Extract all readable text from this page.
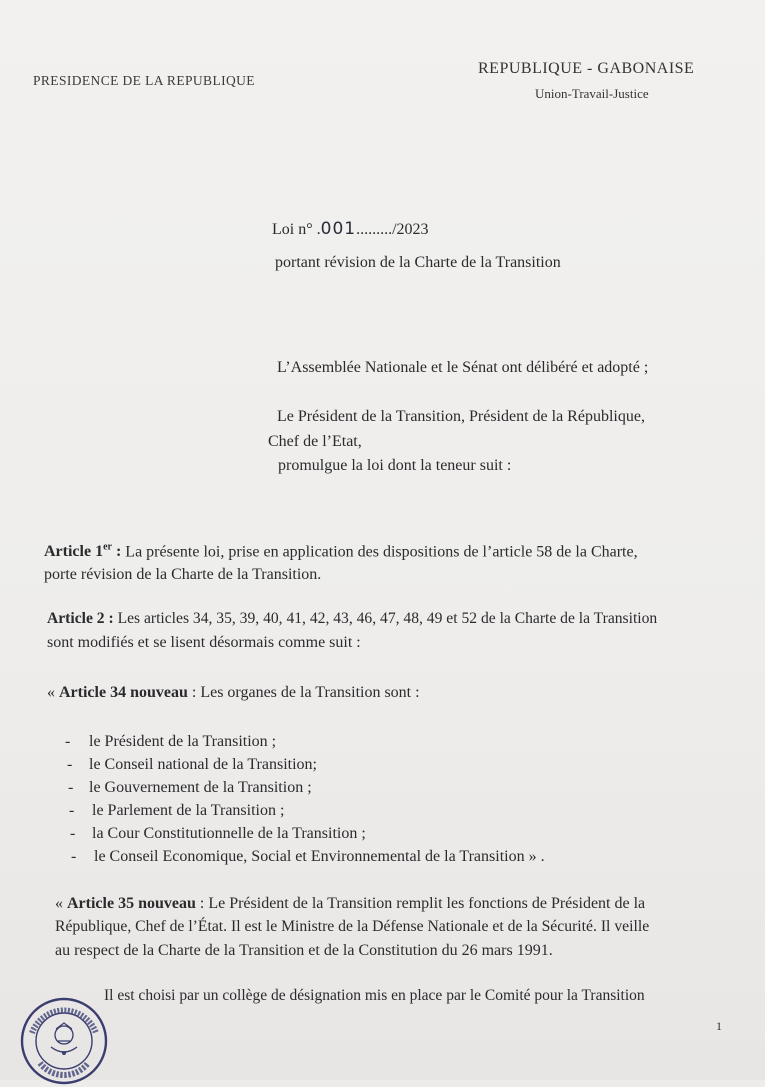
PRESIDENCE DE LA REPUBLIQUE
REPUBLIQUE - GABONAISE
Union-Travail-Justice
Loi n° .001........./2023
portant révision de la Charte de la Transition
L’Assemblée Nationale et le Sénat ont délibéré et adopté ;
Le Président de la Transition, Président de la République,
Chef de l’Etat,
promulgue la loi dont la teneur suit :
Article 1er : La présente loi, prise en application des dispositions de l’article 58 de la Charte,
porte révision de la Charte de la Transition.
Article 2 : Les articles 34, 35, 39, 40, 41, 42, 43, 46, 47, 48, 49 et 52 de la Charte de la Transition
sont modifiés et se lisent désormais comme suit :
« Article 34 nouveau : Les organes de la Transition sont :
- le Président de la Transition ;
- le Conseil national de la Transition;
- le Gouvernement de la Transition ;
- le Parlement de la Transition ;
- la Cour Constitutionnelle de la Transition ;
- le Conseil Economique, Social et Environnemental de la Transition » .
« Article 35 nouveau : Le Président de la Transition remplit les fonctions de Président de la
République, Chef de l’État. Il est le Ministre de la Défense Nationale et de la Sécurité. Il veille
au respect de la Charte de la Transition et de la Constitution du 26 mars 1991.
Il est choisi par un collège de désignation mis en place par le Comité pour la Transition
1
